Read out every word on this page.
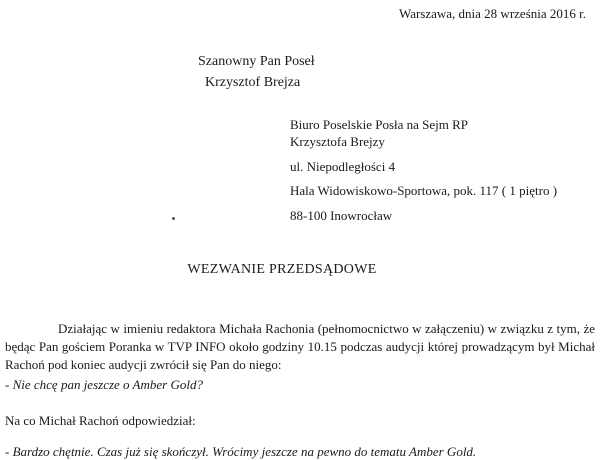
Warszawa, dnia 28 września 2016 r.
Szanowny Pan Poseł
Krzysztof Brejza
Biuro Poselskie Posła na Sejm RP
Krzysztofa Brejzy
ul. Niepodległości 4
Hala Widowiskowo-Sportowa, pok. 117 ( 1 piętro )
88-100 Inowrocław
WEZWANIE PRZEDSĄDOWE
Działając w imieniu redaktora Michała Rachonia (pełnomocnictwo w załączeniu) w związku z tym, że będąc Pan gościem Poranka w TVP INFO około godziny 10.15 podczas audycji której prowadzącym był Michał Rachoń pod koniec audycji zwrócił się Pan do niego:
- Nie chcę pan jeszcze o Amber Gold?
Na co Michał Rachoń odpowiedział:
- Bardzo chętnie. Czas już się skończył. Wrócimy jeszcze na pewno do tematu Amber Gold.
